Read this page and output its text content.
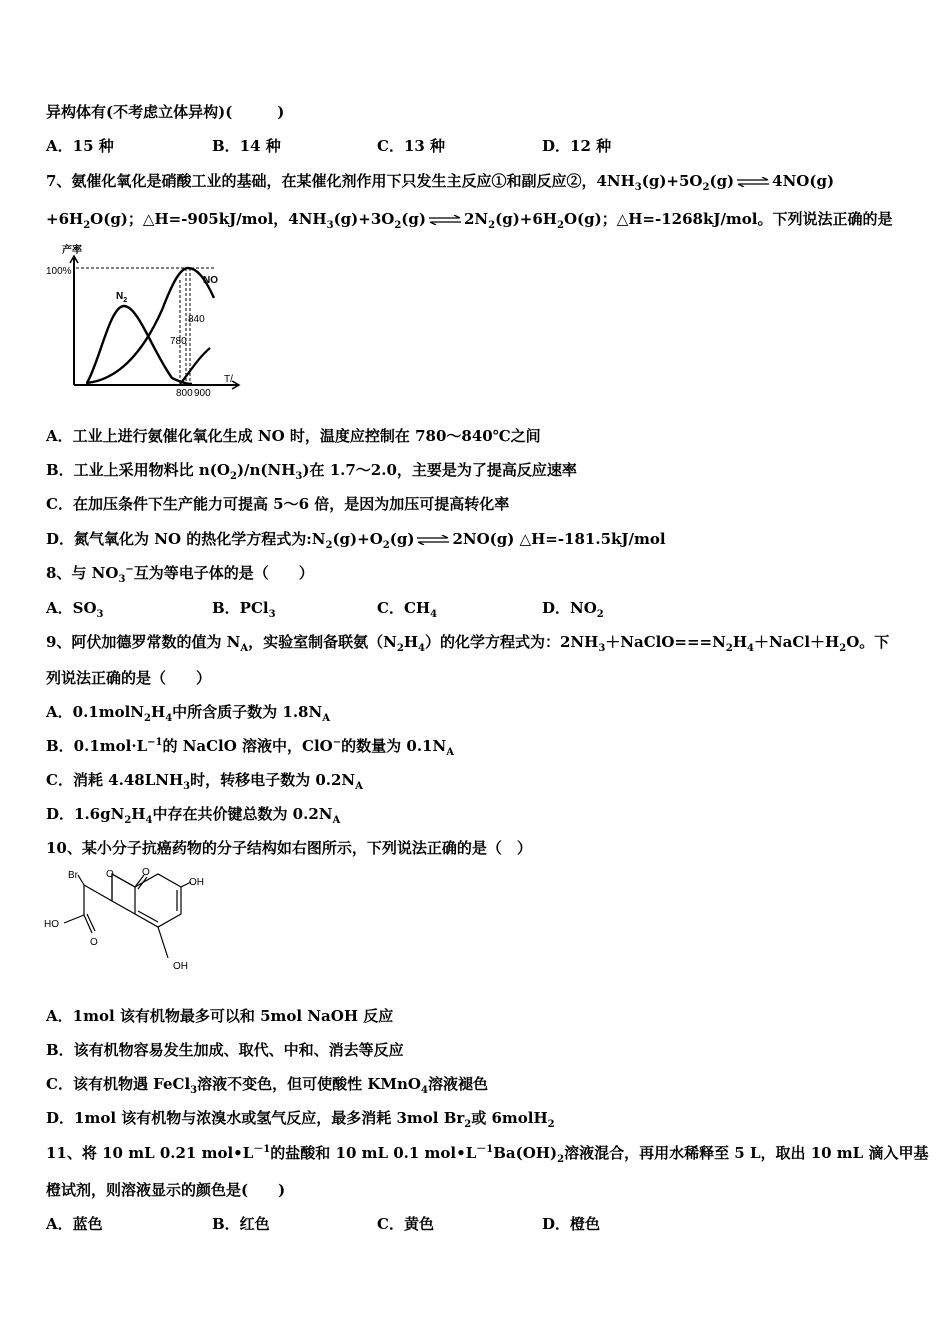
异构体有(不考虑立体异构)(　　　)
A．15 种	B．14 种	C．13 种	D．12 种
7、氨催化氧化是硝酸工业的基础，在某催化剂作用下只发生主反应①和副反应②，$4NH_3(g)+5O_2(g)$ ⇌ 4NO(g)
$+6H_2O(g)$；△H=-905kJ/mol，$4NH_3(g)+3O_2(g)$ ⇌ $2N_2(g)+6H_2O(g)$；△H=-1268kJ/mol。下列说法正确的是
产率
100%
T/
$N_2$
NO
840
780
800 900
A．工业上进行氨催化氧化生成 NO 时，温度应控制在 780～840℃之间
B．工业上采用物料比 $n(O_2)/n(NH_3)$在 1.7～2.0，主要是为了提高反应速率
C．在加压条件下生产能力可提高 5～6 倍，是因为加压可提高转化率
D．氮气氧化为 NO 的热化学方程式为$:N_2(g)+O_2(g)$ ⇌ 2NO(g) △H=-181.5kJ/mol
8、与 $NO_3^-$互为等电子体的是（　　）
A．$SO_3$	B．PCl$_3$	C．$CH_4$	D．$NO_2$
9、阿伏加德罗常数的值为 $N_A$，实验室制备联氨$(N_2H_4)$的化学方程式为：$2NH_3+NaClO===N_2H_4+NaCl+H_2O$。下
列说法正确的是（　　）
A．$0.1molN_2H_4$中所含质子数为 $1.8N_A$
B．$0.1mol\cdot L^{-1}$的 NaClO 溶液中，ClO−的数量为 $0.1N_A$
C．消耗 $4.48LNH_3$时，转移电子数为 $0.2N_A$
D．$1.6gN_2H_4$中存在共价键总数为 $0.2N_A$
10、某小分子抗癌药物的分子结构如右图所示，下列说法正确的是（　）
Br	O	O
OH
HO
O
OH
A．1mol 该有机物最多可以和 5mol NaOH 反应
B．该有机物容易发生加成、取代、中和、消去等反应
C．该有机物遇 FeCl$_3$溶液不变色，但可使酸性 KMnO$_4$溶液褪色
D．1mol 该有机物与浓溴水或氢气反应，最多消耗 3mol $Br_2$或 6molH$_2$
11、将 10 mL 0.21 $mol•L^{-1}$的盐酸和 10 mL 0.1 $mol•L^{-1}Ba(OH)_2$溶液混合，再用水稀释至 5 L，取出 10 mL 滴入甲基
橙试剂，则溶液显示的颜色是(　　)
A．蓝色	B．红色	C．黄色	D．橙色
